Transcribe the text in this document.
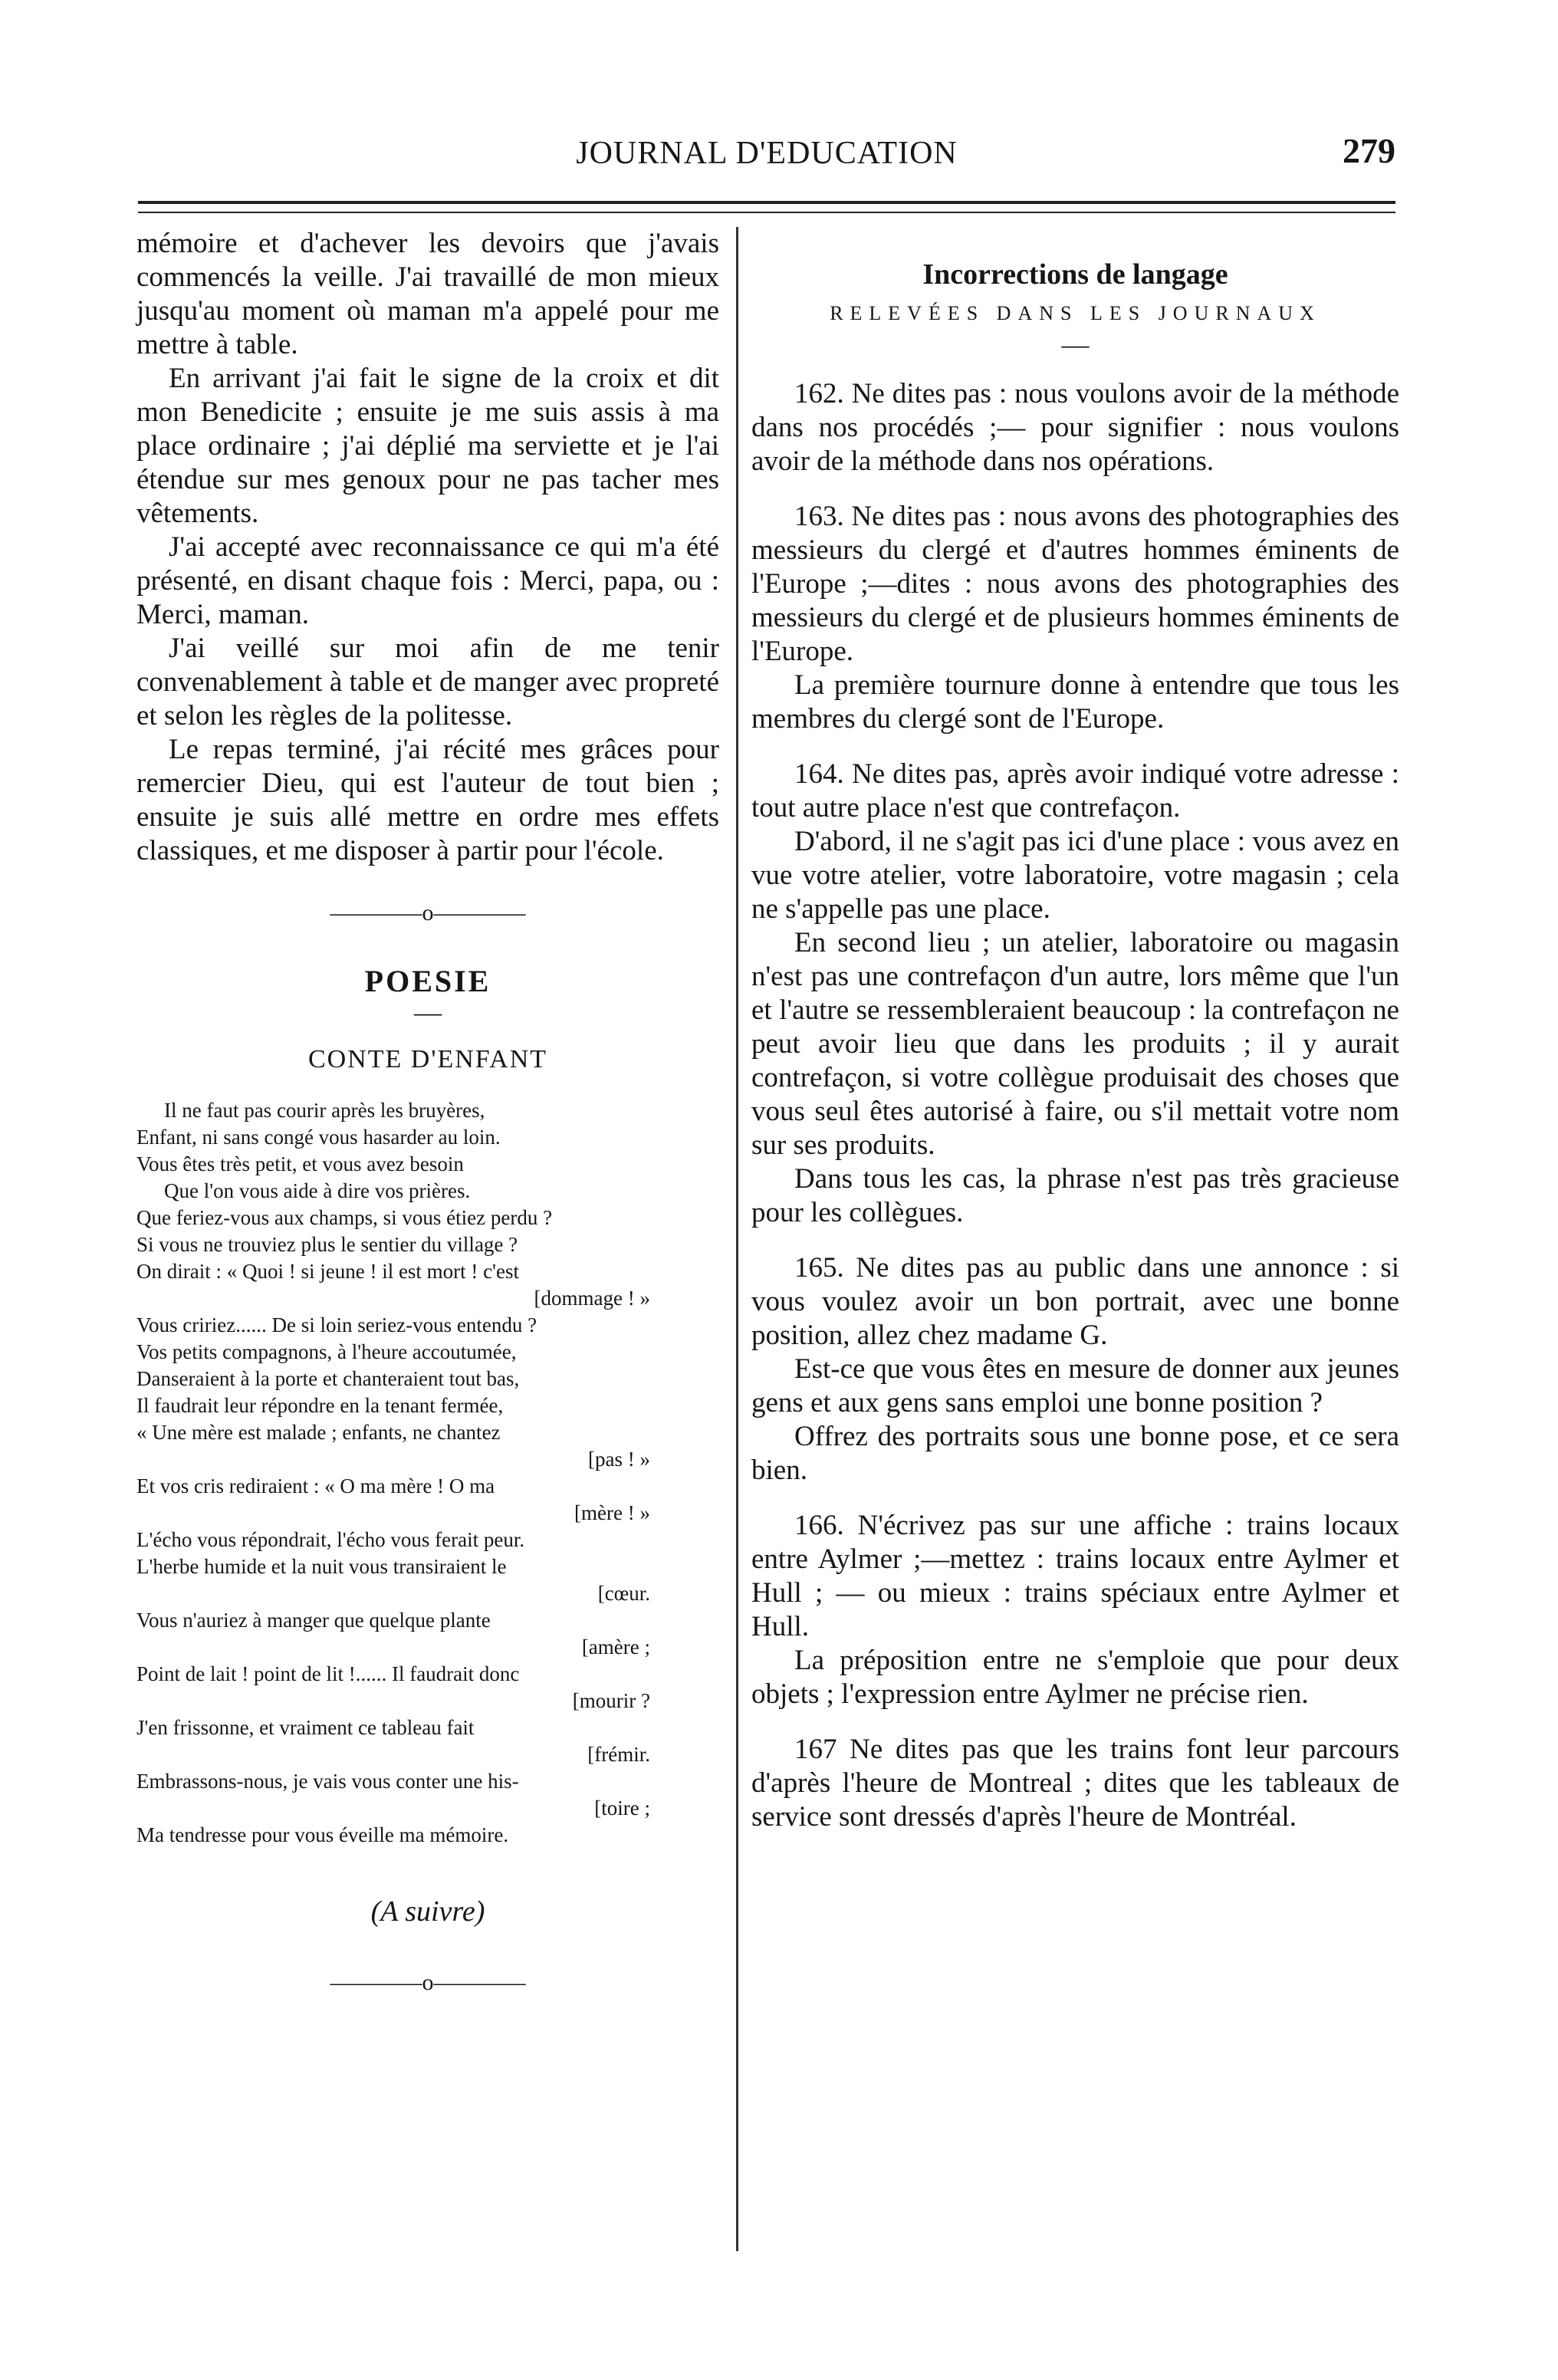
JOURNAL D'EDUCATION	279

mémoire et d'achever les devoirs que j'avais commencés la veille. J'ai travaillé de mon mieux jusqu'au moment où maman m'a appelé pour me mettre à table.

En arrivant j'ai fait le signe de la croix et dit mon Benedicite ; ensuite je me suis assis à ma place ordinaire ; j'ai déplié ma serviette et je l'ai étendue sur mes genoux pour ne pas tacher mes vêtements.

J'ai accepté avec reconnaissance ce qui m'a été présenté, en disant chaque fois : Merci, papa, ou : Merci, maman.

J'ai veillé sur moi afin de me tenir convenablement à table et de manger avec propreté et selon les règles de la politesse.

Le repas terminé, j'ai récité mes grâces pour remercier Dieu, qui est l'auteur de tout bien ; ensuite je suis allé mettre en ordre mes effets classiques, et me disposer à partir pour l'école.

————o————
POESIE
—
CONTE D'ENFANT
Il ne faut pas courir après les bruyères,
Enfant, ni sans congé vous hasarder au loin.
Vous êtes très petit, et vous avez besoin
Que l'on vous aide à dire vos prières.
Que feriez-vous aux champs, si vous étiez perdu ?
Si vous ne trouviez plus le sentier du village ?
On dirait : « Quoi ! si jeune ! il est mort ! c'est
[dommage ! »
Vous cririez...... De si loin seriez-vous entendu ?
Vos petits compagnons, à l'heure accoutumée,
Danseraient à la porte et chanteraient tout bas,
Il faudrait leur répondre en la tenant fermée,
« Une mère est malade ; enfants, ne chantez
[pas ! »
Et vos cris rediraient : « O ma mère ! O ma
[mère ! »
L'écho vous répondrait, l'écho vous ferait peur.
L'herbe humide et la nuit vous transiraient le
[cœur.
Vous n'auriez à manger que quelque plante
[amère ;
Point de lait ! point de lit !...... Il faudrait donc
[mourir ?
J'en frissonne, et vraiment ce tableau fait
[frémir.
Embrassons-nous, je vais vous conter une his-
[toire ;
Ma tendresse pour vous éveille ma mémoire.
(A suivre)
————o————
Incorrections de langage
RELEVÉES DANS LES JOURNAUX
—

162. Ne dites pas : nous voulons avoir de la méthode dans nos procédés ;— pour signifier : nous voulons avoir de la méthode dans nos opérations.

163. Ne dites pas : nous avons des photographies des messieurs du clergé et d'autres hommes éminents de l'Europe ;—dites : nous avons des photographies des messieurs du clergé et de plusieurs hommes éminents de l'Europe.

La première tournure donne à entendre que tous les membres du clergé sont de l'Europe.

164. Ne dites pas, après avoir indiqué votre adresse : tout autre place n'est que contrefaçon.

D'abord, il ne s'agit pas ici d'une place : vous avez en vue votre atelier, votre laboratoire, votre magasin ; cela ne s'appelle pas une place.

En second lieu ; un atelier, laboratoire ou magasin n'est pas une contrefaçon d'un autre, lors même que l'un et l'autre se ressembleraient beaucoup : la contrefaçon ne peut avoir lieu que dans les produits ; il y aurait contrefaçon, si votre collègue produisait des choses que vous seul êtes autorisé à faire, ou s'il mettait votre nom sur ses produits.

Dans tous les cas, la phrase n'est pas très gracieuse pour les collègues.

165. Ne dites pas au public dans une annonce : si vous voulez avoir un bon portrait, avec une bonne position, allez chez madame G.

Est-ce que vous êtes en mesure de donner aux jeunes gens et aux gens sans emploi une bonne position ?

Offrez des portraits sous une bonne pose, et ce sera bien.

166. N'écrivez pas sur une affiche : trains locaux entre Aylmer ;—mettez : trains locaux entre Aylmer et Hull ; — ou mieux : trains spéciaux entre Aylmer et Hull.

La préposition entre ne s'emploie que pour deux objets ; l'expression entre Aylmer ne précise rien.

167 Ne dites pas que les trains font leur parcours d'après l'heure de Montreal ; dites que les tableaux de service sont dressés d'après l'heure de Montréal.
